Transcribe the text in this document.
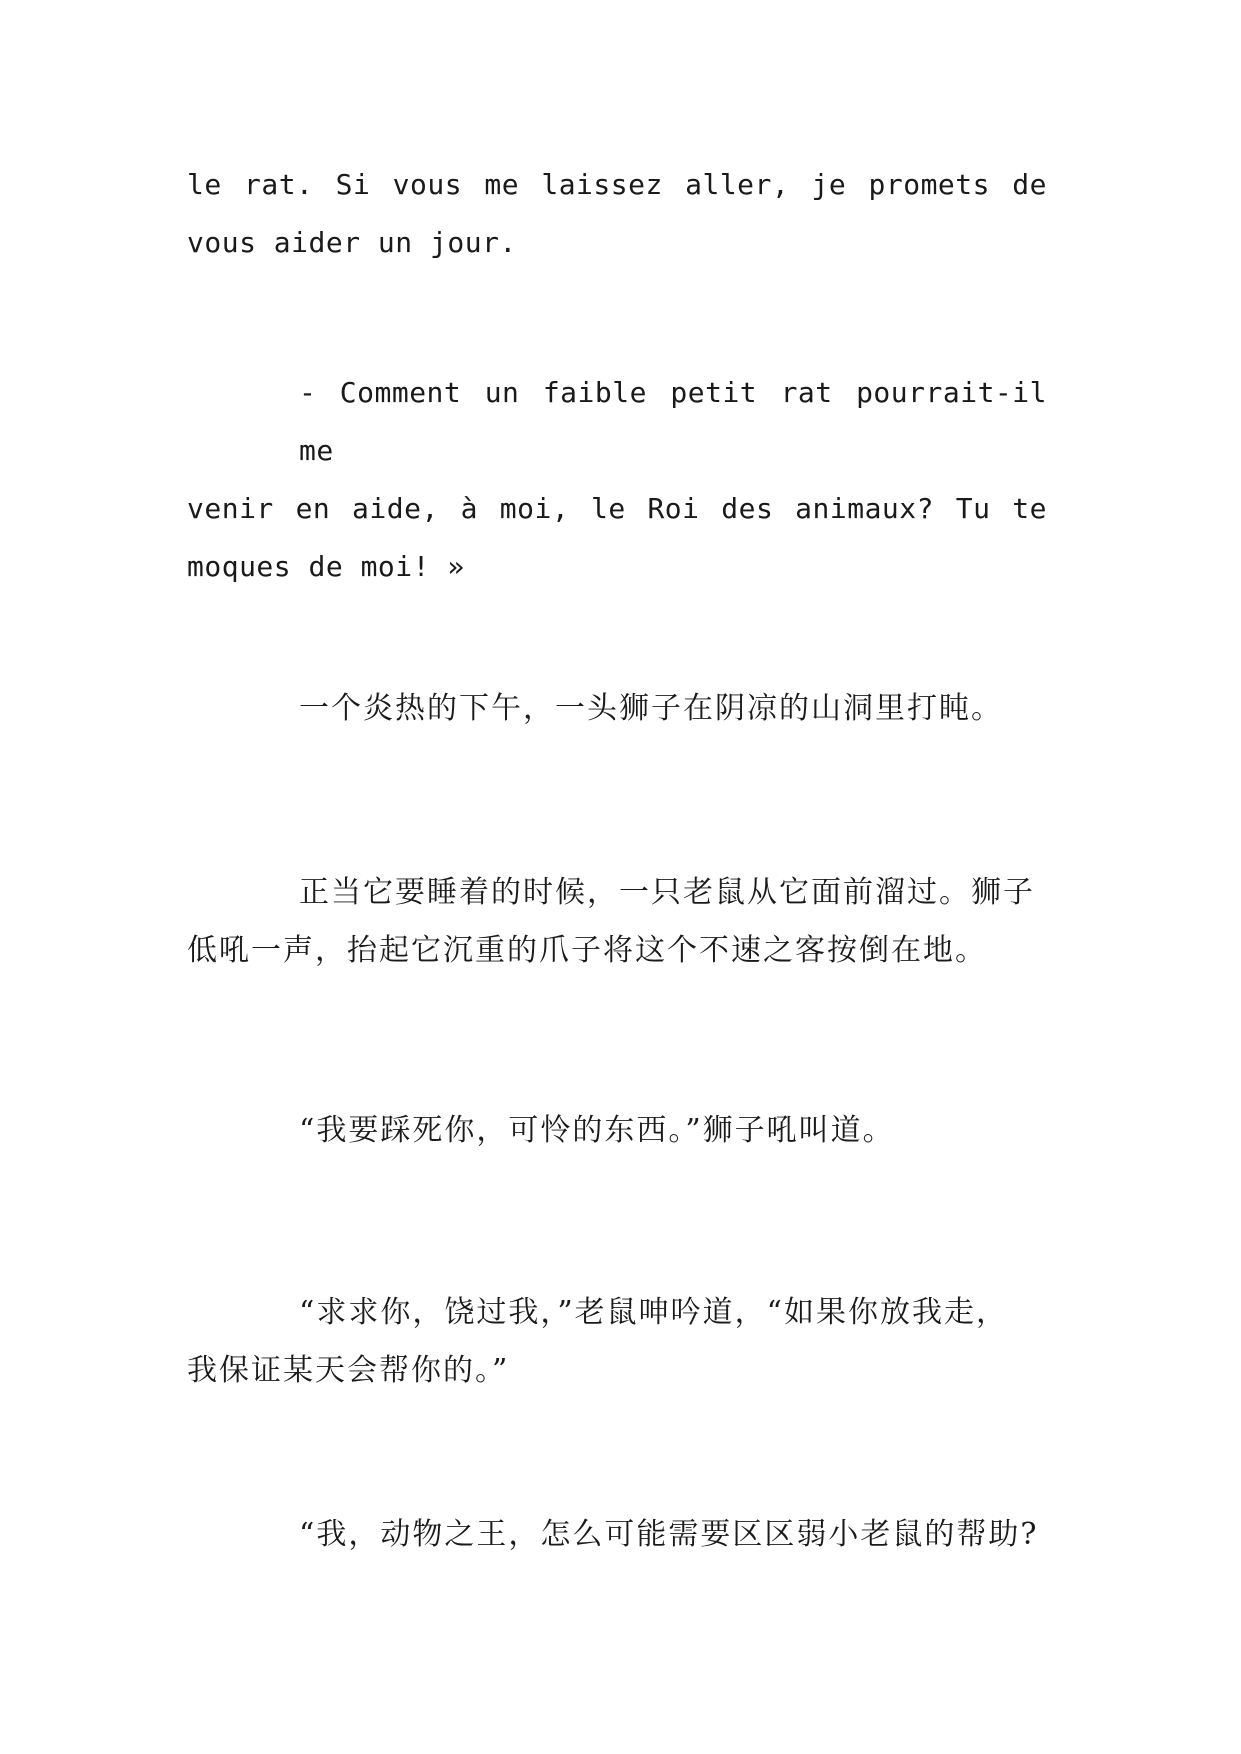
le rat. Si vous me laissez aller, je promets de
vous aider un jour.
- Comment un faible petit rat pourrait-il me
venir en aide, à moi, le Roi des animaux? Tu te
moques de moi! »
一个炎热的下午，一头狮子在阴凉的山洞里打盹。
正当它要睡着的时候，一只老鼠从它面前溜过。狮子
低吼一声，抬起它沉重的爪子将这个不速之客按倒在地。
“我要踩死你，可怜的东西。”狮子吼叫道。
“求求你，饶过我，”老鼠呻吟道，“如果你放我走，
我保证某天会帮你的。”
“我，动物之王，怎么可能需要区区弱小老鼠的帮助?
